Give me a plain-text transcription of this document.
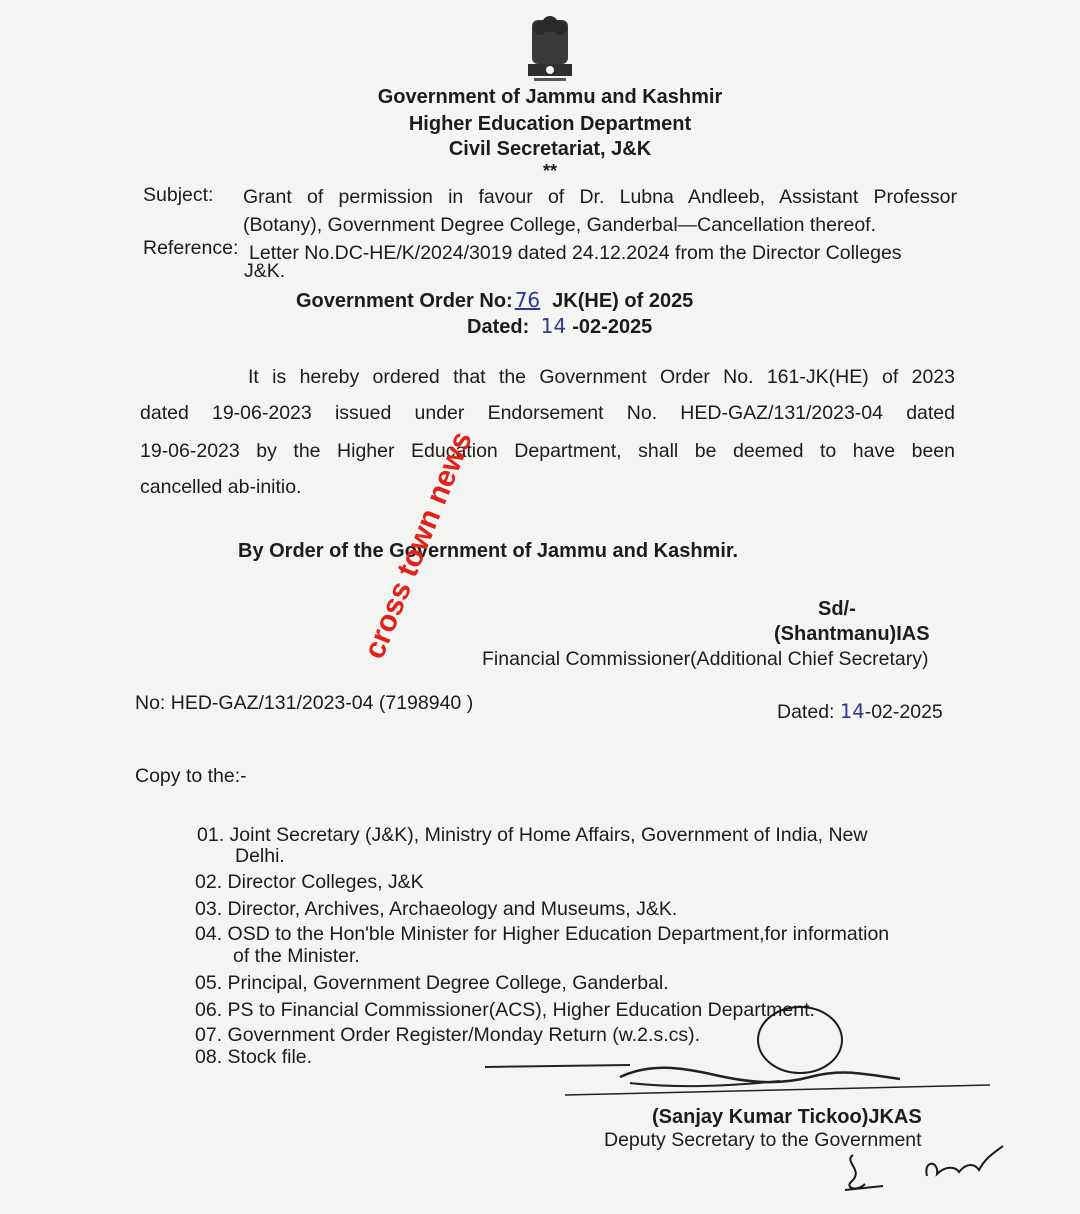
Government of Jammu and Kashmir
Higher Education Department
Civil Secretariat, J&K
**
Subject: Grant of permission in favour of Dr. Lubna Andleeb, Assistant Professor
(Botany), Government Degree College, Ganderbal—Cancellation thereof.
Reference: Letter No.DC-HE/K/2024/3019 dated 24.12.2024 from the Director Colleges
J&K.
Government Order No: 76 JK(HE) of 2025
Dated: 14 -02-2025
It is hereby ordered that the Government Order No. 161-JK(HE) of 2023
dated 19-06-2023 issued under Endorsement No. HED-GAZ/131/2023-04 dated
19-06-2023 by the Higher Education Department, shall be deemed to have been
cancelled ab-initio.
By Order of the Government of Jammu and Kashmir.
Sd/-
(Shantmanu)IAS
Financial Commissioner(Additional Chief Secretary)
No: HED-GAZ/131/2023-04 (7198940 )	Dated: 14-02-2025
Copy to the:-
01. Joint Secretary (J&K), Ministry of Home Affairs, Government of India, New
Delhi.
02. Director Colleges, J&K
03. Director, Archives, Archaeology and Museums, J&K.
04. OSD to the Hon'ble Minister for Higher Education Department,for information
of the Minister.
05. Principal, Government Degree College, Ganderbal.
06. PS to Financial Commissioner(ACS), Higher Education Department.
07. Government Order Register/Monday Return (w.2.s.cs).
08. Stock file.
(Sanjay Kumar Tickoo)JKAS
Deputy Secretary to the Government
cross town news
